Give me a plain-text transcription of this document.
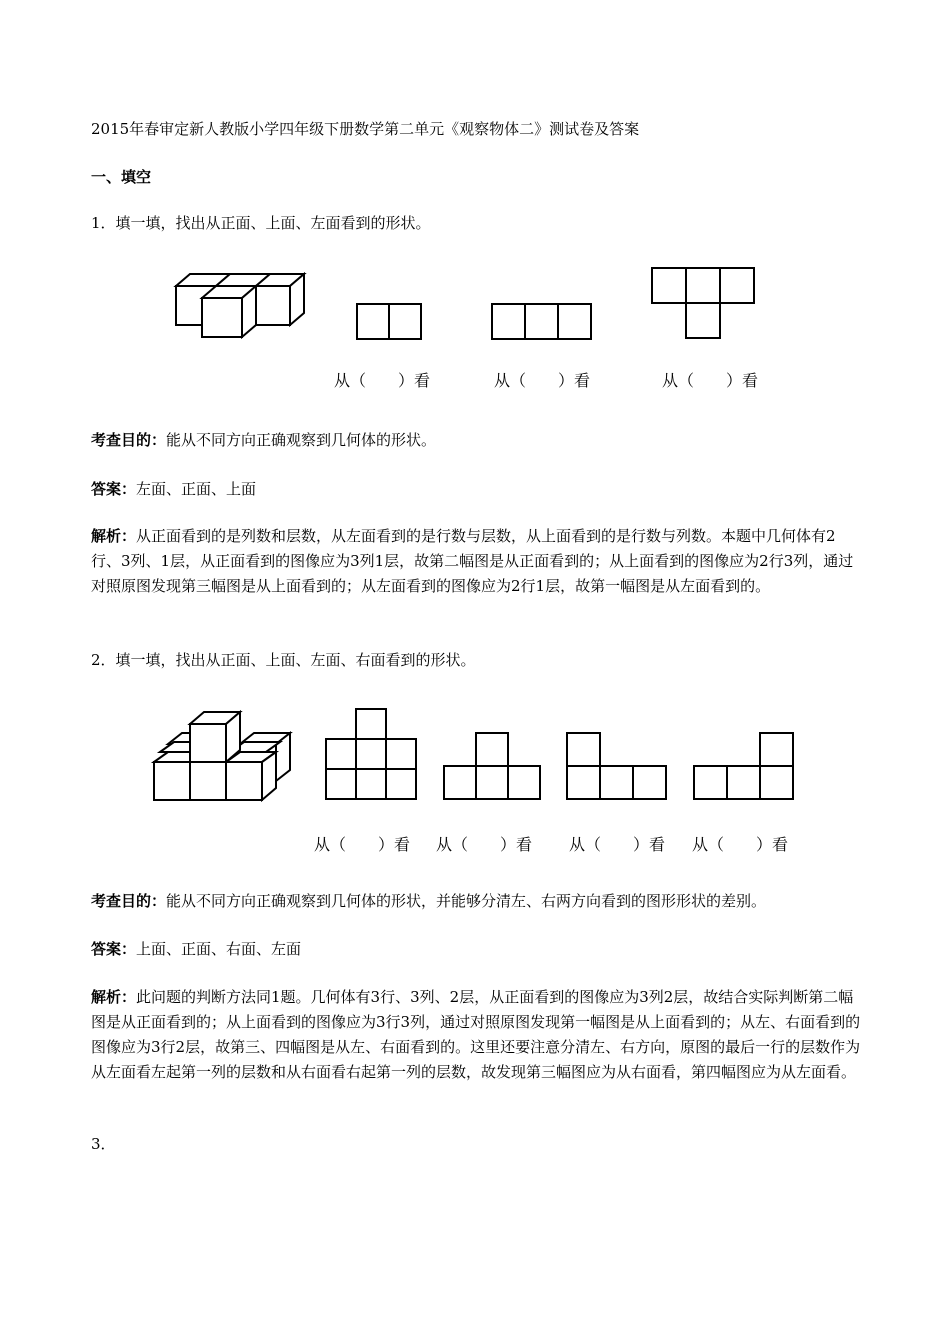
2015年春审定新人教版小学四年级下册数学第二单元《观察物体二》测试卷及答案

一、填空

1．填一填，找出从正面、上面、左面看到的形状。

从（　　）看	从（　　）看	从（　　）看

考查目的：能从不同方向正确观察到几何体的形状。

答案：左面、正面、上面

解析：从正面看到的是列数和层数，从左面看到的是行数与层数，从上面看到的是行数与列数。本题中几何体有2行、3列、1层，从正面看到的图像应为3列1层，故第二幅图是从正面看到的；从上面看到的图像应为2行3列，通过对照原图发现第三幅图是从上面看到的；从左面看到的图像应为2行1层，故第一幅图是从左面看到的。

2．填一填，找出从正面、上面、左面、右面看到的形状。

从（　　）看 从（　　）看 从（　　）看 从（　　）看

考查目的：能从不同方向正确观察到几何体的形状，并能够分清左、右两方向看到的图形形状的差别。

答案：上面、正面、右面、左面

解析：此问题的判断方法同1题。几何体有3行、3列、2层，从正面看到的图像应为3列2层，故结合实际判断第二幅图是从正面看到的；从上面看到的图像应为3行3列，通过对照原图发现第一幅图是从上面看到的；从左、右面看到的图像应为3行2层，故第三、四幅图是从左、右面看到的。这里还要注意分清左、右方向，原图的最后一行的层数作为从左面看左起第一列的层数和从右面看右起第一列的层数，故发现第三幅图应为从右面看，第四幅图应为从左面看。

3．
